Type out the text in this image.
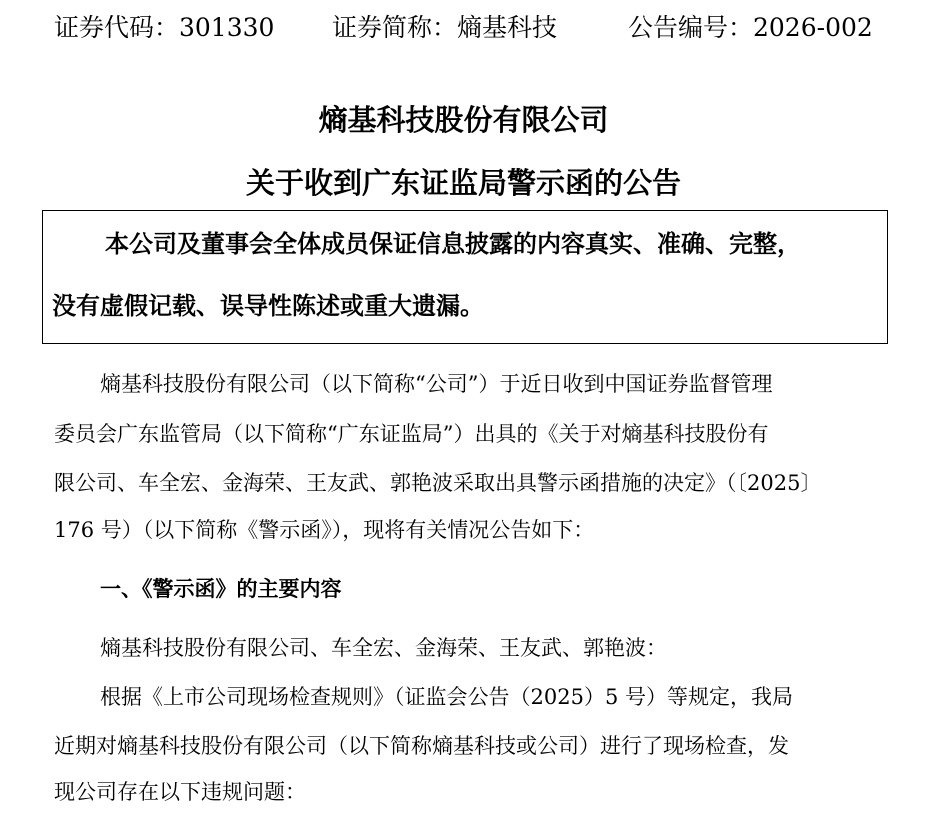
证券代码：301330 证券简称：熵基科技	公告编号：2026-002
熵基科技股份有限公司
关于收到广东证监局警示函的公告
本公司及董事会全体成员保证信息披露的内容真实、准确、完整，
没有虚假记载、误导性陈述或重大遗漏。
熵基科技股份有限公司（以下简称“公司”）于近日收到中国证券监督管理
委员会广东监管局（以下简称“广东证监局”）出具的《关于对熵基科技股份有
限公司、车全宏、金海荣、王友武、郭艳波采取出具警示函措施的决定》（〔2025〕
176 号）（以下简称《警示函》），现将有关情况公告如下：
一、《警示函》的主要内容
熵基科技股份有限公司、车全宏、金海荣、王友武、郭艳波：
根据《上市公司现场检查规则》（证监会公告（2025）5 号）等规定，我局
近期对熵基科技股份有限公司（以下简称熵基科技或公司）进行了现场检查，发
现公司存在以下违规问题：
